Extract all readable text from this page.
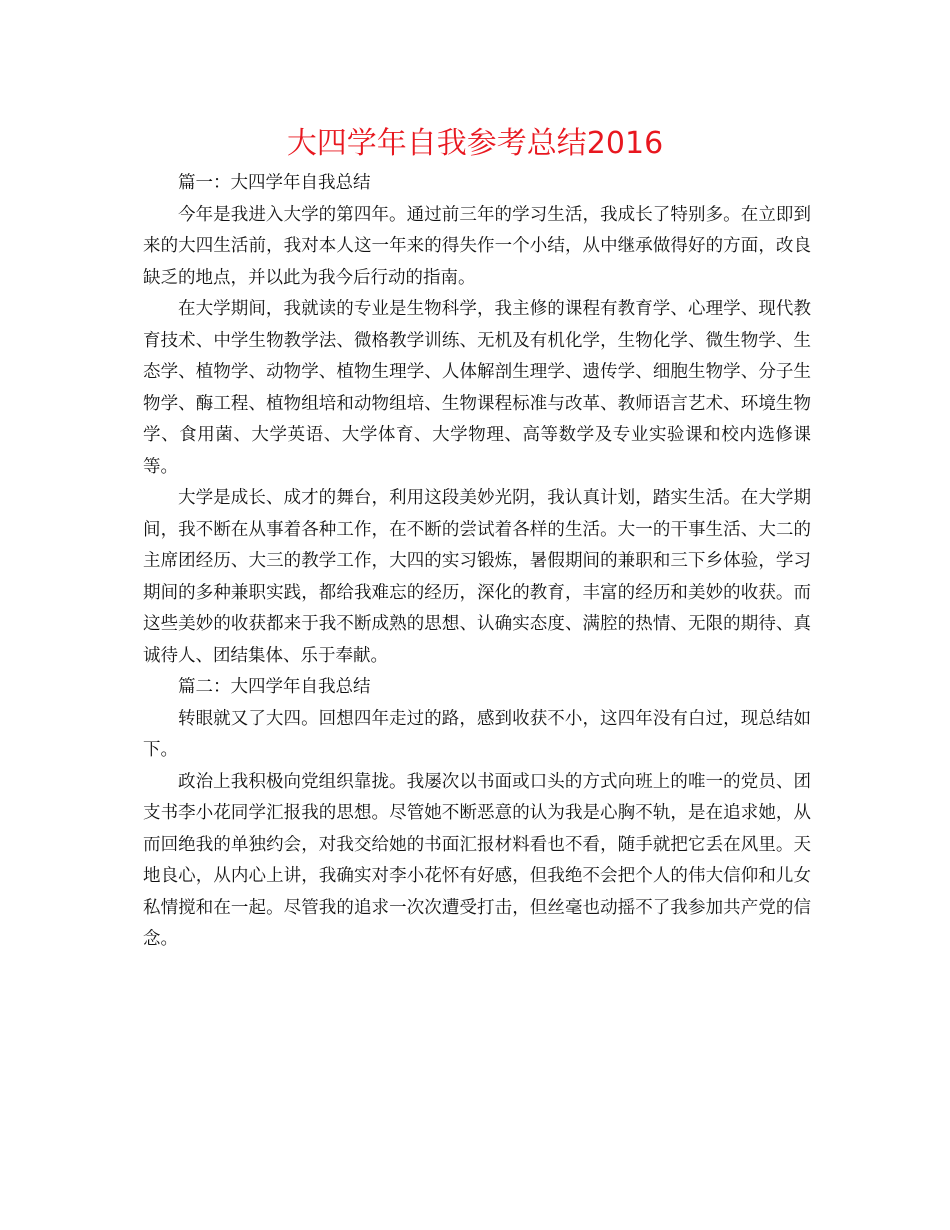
大四学年自我参考总结2016

篇一：大四学年自我总结

今年是我进入大学的第四年。通过前三年的学习生活，我成长了特别多。在立即到来的大四生活前，我对本人这一年来的得失作一个小结，从中继承做得好的方面，改良缺乏的地点，并以此为我今后行动的指南。

在大学期间，我就读的专业是生物科学，我主修的课程有教育学、心理学、现代教育技术、中学生物教学法、微格教学训练、无机及有机化学，生物化学、微生物学、生态学、植物学、动物学、植物生理学、人体解剖生理学、遗传学、细胞生物学、分子生物学、酶工程、植物组培和动物组培、生物课程标准与改革、教师语言艺术、环境生物学、食用菌、大学英语、大学体育、大学物理、高等数学及专业实验课和校内选修课等。

大学是成长、成才的舞台，利用这段美妙光阴，我认真计划，踏实生活。在大学期间，我不断在从事着各种工作，在不断的尝试着各样的生活。大一的干事生活、大二的主席团经历、大三的教学工作，大四的实习锻炼，暑假期间的兼职和三下乡体验，学习期间的多种兼职实践，都给我难忘的经历，深化的教育，丰富的经历和美妙的收获。而这些美妙的收获都来于我不断成熟的思想、认确实态度、满腔的热情、无限的期待、真诚待人、团结集体、乐于奉献。

篇二：大四学年自我总结

转眼就又了大四。回想四年走过的路，感到收获不小，这四年没有白过，现总结如下。

政治上我积极向党组织靠拢。我屡次以书面或口头的方式向班上的唯一的党员、团支书李小花同学汇报我的思想。尽管她不断恶意的认为我是心胸不轨，是在追求她，从而回绝我的单独约会，对我交给她的书面汇报材料看也不看，随手就把它丢在风里。天地良心，从内心上讲，我确实对李小花怀有好感，但我绝不会把个人的伟大信仰和儿女私情搅和在一起。尽管我的追求一次次遭受打击，但丝毫也动摇不了我参加共产党的信念。
